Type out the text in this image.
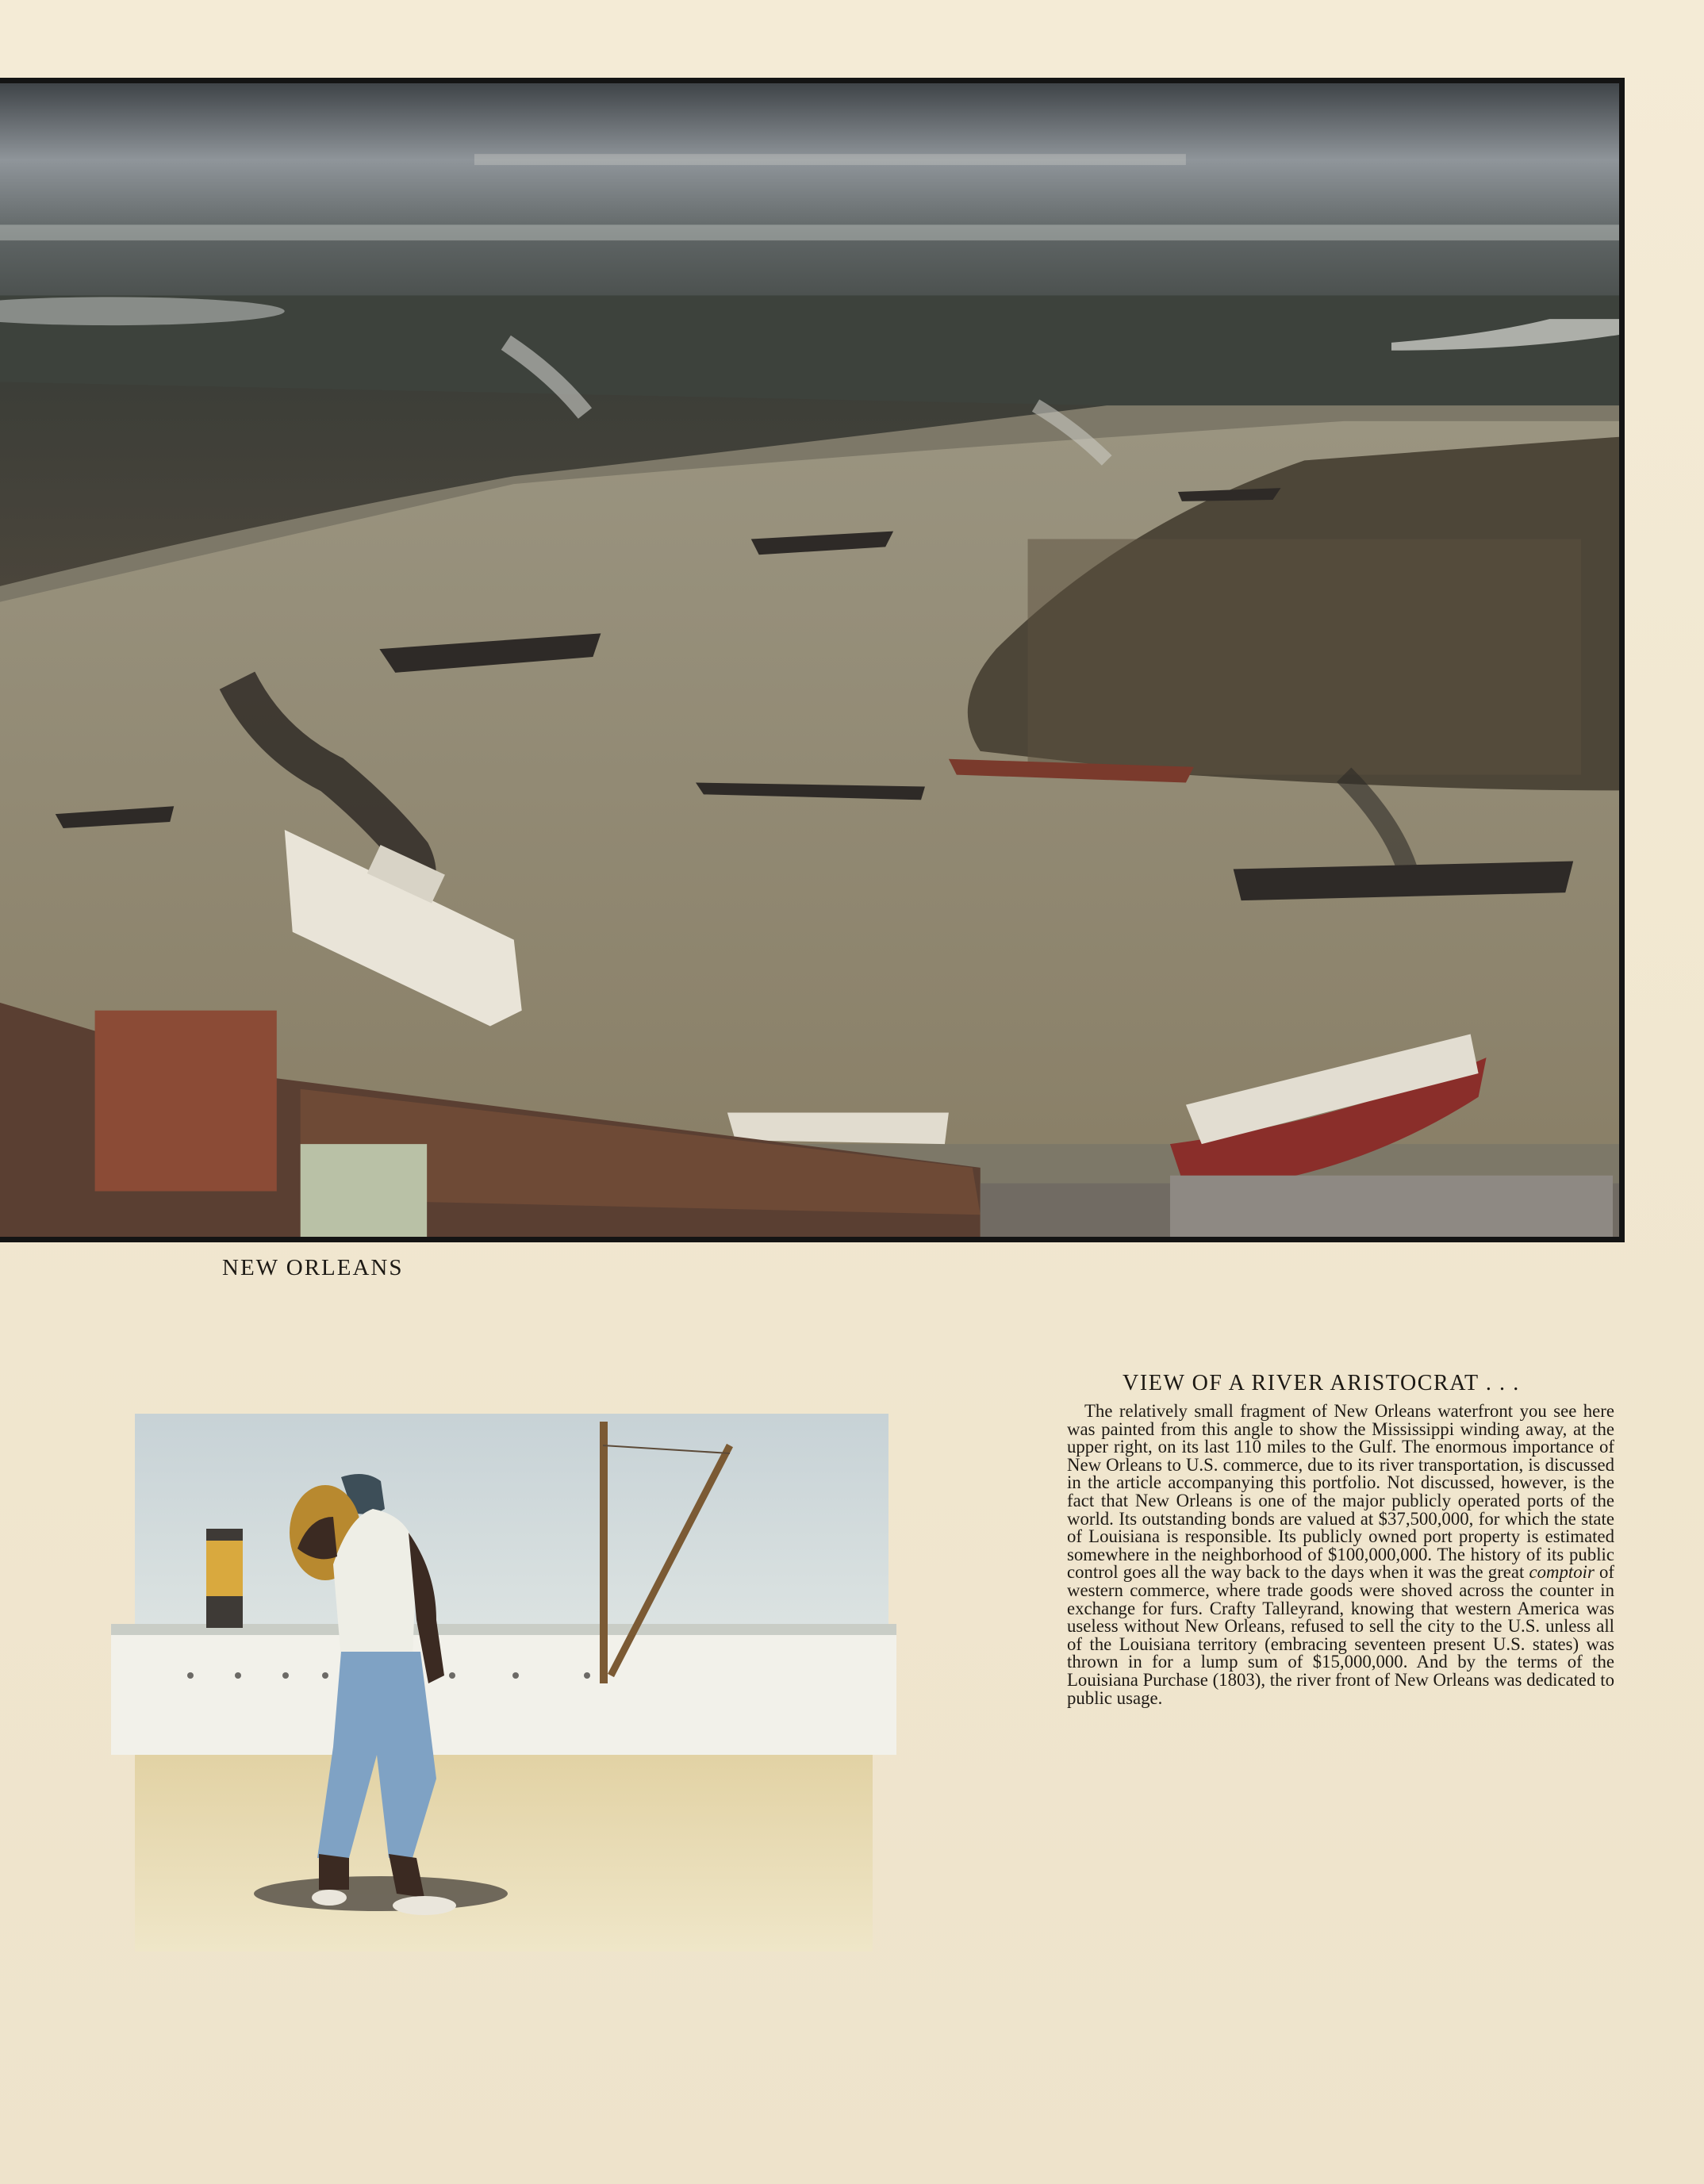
NEW ORLEANS
VIEW OF A RIVER ARISTOCRAT . . .

The relatively small fragment of New Orleans waterfront you see here was painted from this angle to show the Mississippi winding away, at the upper right, on its last 110 miles to the Gulf. The enormous importance of New Orleans to U.S. commerce, due to its river transportation, is discussed in the article accompanying this portfolio. Not discussed, however, is the fact that New Orleans is one of the major publicly operated ports of the world. Its outstanding bonds are valued at $37,500,000, for which the state of Louisiana is responsible. Its publicly owned port property is estimated somewhere in the neighborhood of $100,000,000. The history of its public control goes all the way back to the days when it was the great comptoir of western commerce, where trade goods were shoved across the counter in exchange for furs. Crafty Talleyrand, knowing that western America was useless without New Orleans, refused to sell the city to the U.S. unless all of the Louisiana territory (embracing seventeen present U.S. states) was thrown in for a lump sum of $15,000,000. And by the terms of the Louisiana Purchase (1803), the river front of New Orleans was dedicated to public usage.
